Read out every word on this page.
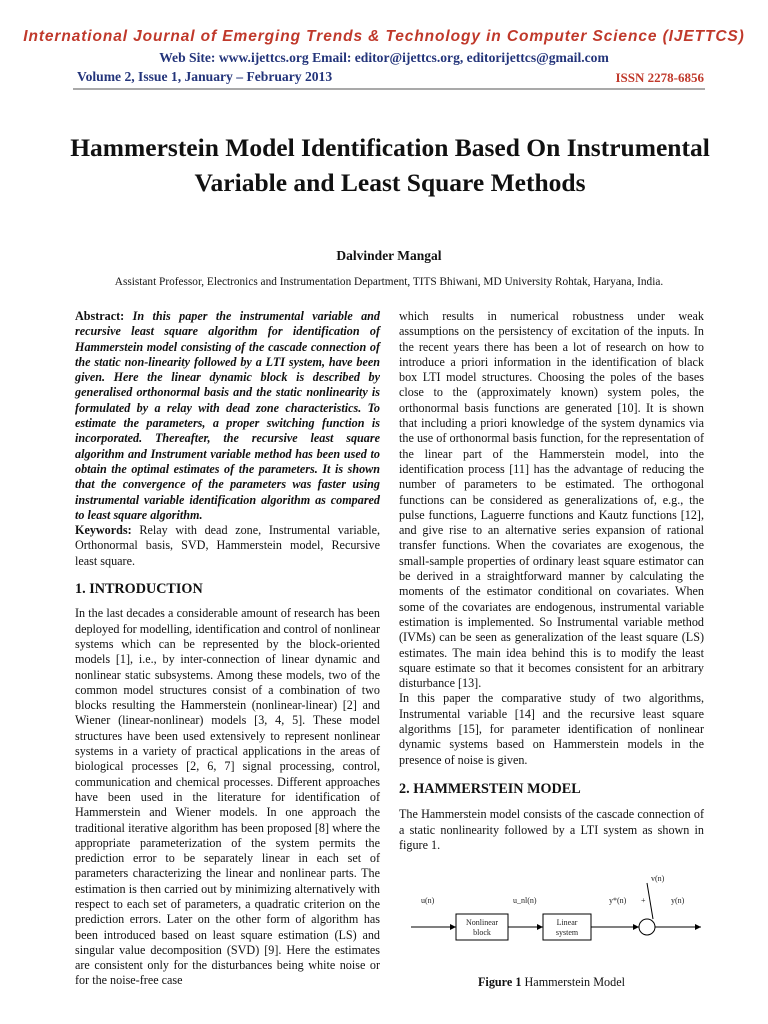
International Journal of Emerging Trends & Technology in Computer Science (IJETTCS)
Web Site: www.ijettcs.org Email: editor@ijettcs.org, editorijettcs@gmail.com
Volume 2, Issue 1, January – February 2013	ISSN 2278-6856
Hammerstein Model Identification Based On Instrumental Variable and Least Square Methods
Dalvinder Mangal
Assistant Professor, Electronics and Instrumentation Department, TITS Bhiwani, MD University Rohtak, Haryana, India.

Abstract: In this paper the instrumental variable and recursive least square algorithm for identification of Hammerstein model consisting of the cascade connection of the static non-linearity followed by a LTI system, have been given. Here the linear dynamic block is described by generalised orthonormal basis and the static nonlinearity is formulated by a relay with dead zone characteristics. To estimate the parameters, a proper switching function is incorporated. Thereafter, the recursive least square algorithm and Instrument variable method has been used to obtain the optimal estimates of the parameters. It is shown that the convergence of the parameters was faster using instrumental variable identification algorithm as compared to least square algorithm.

Keywords: Relay with dead zone, Instrumental variable, Orthonormal basis, SVD, Hammerstein model, Recursive least square.

1. INTRODUCTION

In the last decades a considerable amount of research has been deployed for modelling, identification and control of nonlinear systems which can be represented by the block-oriented models [1], i.e., by inter-connection of linear dynamic and nonlinear static subsystems. Among these models, two of the common model structures consist of a combination of two blocks resulting the Hammerstein (nonlinear-linear) [2] and Wiener (linear-nonlinear) models [3, 4, 5]. These model structures have been used extensively to represent nonlinear systems in a variety of practical applications in the areas of biological processes [2, 6, 7] signal processing, control, communication and chemical processes. Different approaches have been used in the literature for identification of Hammerstein and Wiener models. In one approach the traditional iterative algorithm has been proposed [8] where the appropriate parameterization of the system permits the prediction error to be separately linear in each set of parameters characterizing the linear and nonlinear parts. The estimation is then carried out by minimizing alternatively with respect to each set of parameters, a quadratic criterion on the prediction errors. Later on the other form of algorithm has been introduced based on least square estimation (LS) and singular value decomposition (SVD) [9]. Here the estimates are consistent only for the disturbances being white noise or for the noise-free case

which results in numerical robustness under weak assumptions on the persistency of excitation of the inputs. In the recent years there has been a lot of research on how to introduce a priori information in the identification of black box LTI model structures. Choosing the poles of the bases close to the (approximately known) system poles, the orthonormal basis functions are generated [10]. It is shown that including a priori knowledge of the system dynamics via the use of orthonormal basis function, for the representation of the linear part of the Hammerstein model, into the identification process [11] has the advantage of reducing the number of parameters to be estimated. The orthogonal functions can be considered as generalizations of, e.g., the pulse functions, Laguerre functions and Kautz functions [12], and give rise to an alternative series expansion of rational transfer functions. When the covariates are exogenous, the small-sample properties of ordinary least square estimator can be derived in a straightforward manner by calculating the moments of the estimator conditional on covariates. When some of the covariates are endogenous, instrumental variable estimation is implemented. So Instrumental variable method (IVMs) can be seen as generalization of the least square (LS) estimates. The main idea behind this is to modify the least square estimate so that it becomes consistent for an arbitrary disturbance [13].

In this paper the comparative study of two algorithms, Instrumental variable [14] and the recursive least square algorithms [15], for parameter identification of nonlinear dynamic systems based on Hammerstein models in the presence of noise is given.

2. HAMMERSTEIN MODEL

The Hammerstein model consists of the cascade connection of a static nonlinearity followed by a LTI system as shown in figure 1.

u(n)	u_nl(n)
Nonlinear
block
Linear
system
v(n)
y*(n) +	y(n)
Figure 1 Hammerstein Model
